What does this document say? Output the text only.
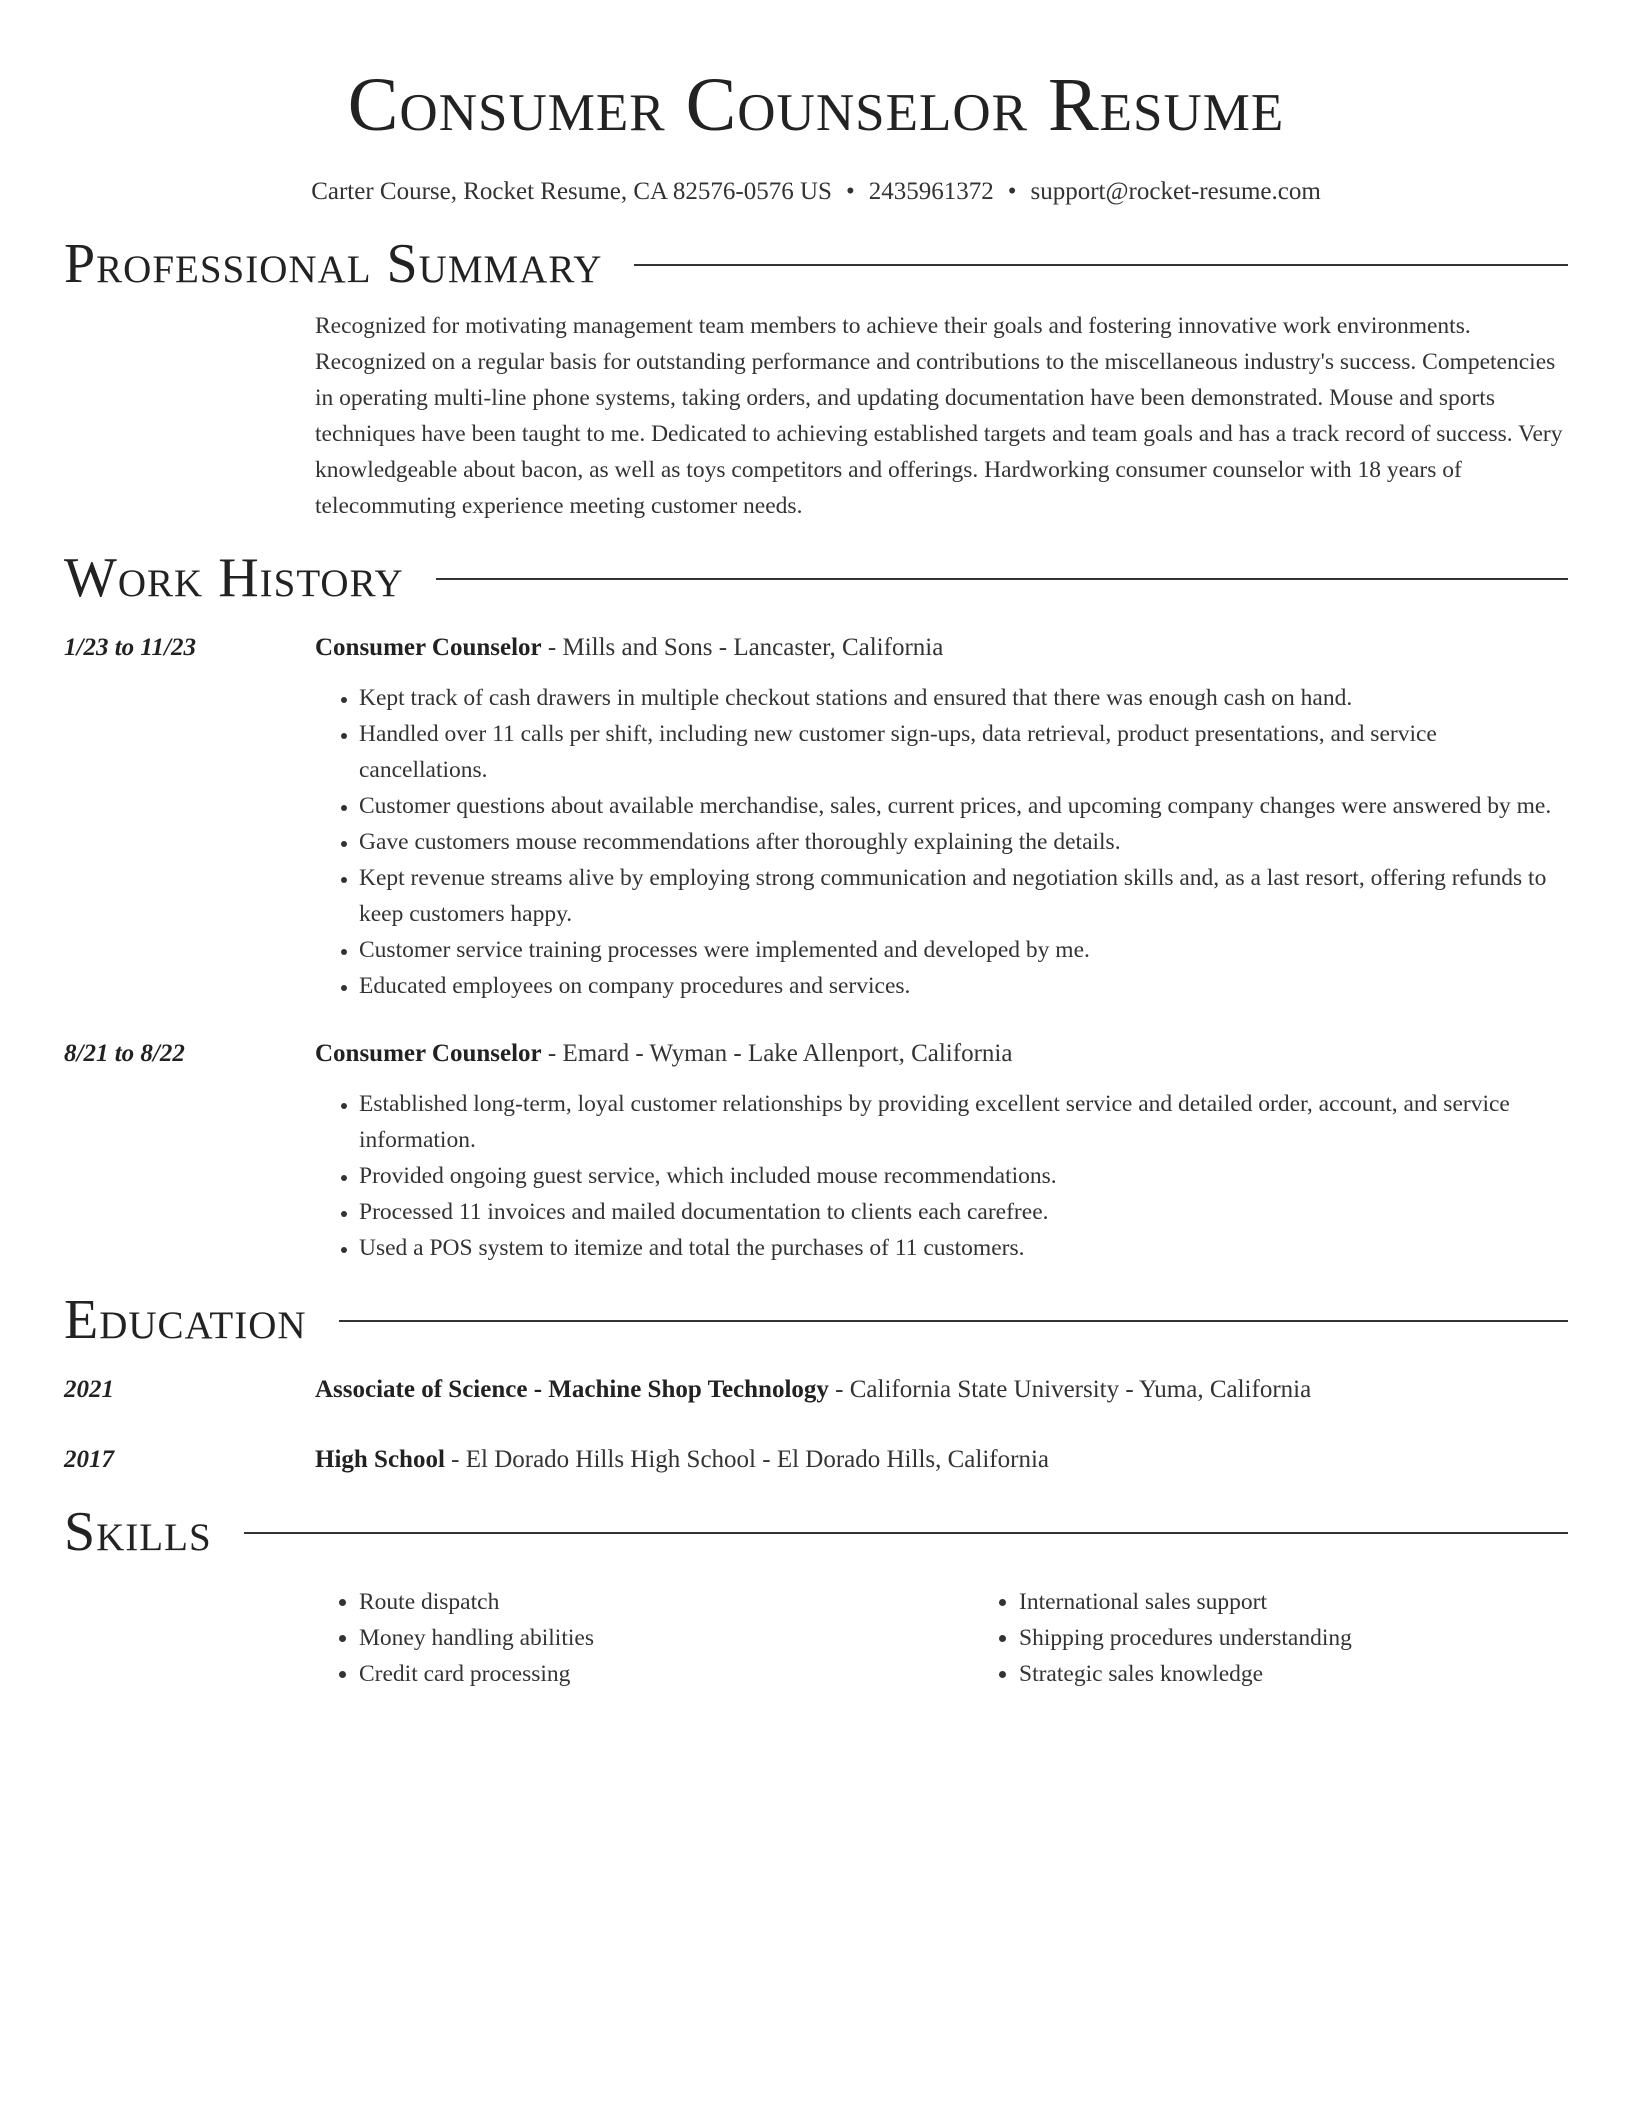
Consumer Counselor Resume
Carter Course, Rocket Resume, CA 82576-0576 US • 2435961372 • support@rocket-resume.com
Professional Summary
Recognized for motivating management team members to achieve their goals and fostering innovative work environments. Recognized on a regular basis for outstanding performance and contributions to the miscellaneous industry's success. Competencies in operating multi-line phone systems, taking orders, and updating documentation have been demonstrated. Mouse and sports techniques have been taught to me. Dedicated to achieving established targets and team goals and has a track record of success. Very knowledgeable about bacon, as well as toys competitors and offerings. Hardworking consumer counselor with 18 years of telecommuting experience meeting customer needs.
Work History
1/23 to 11/23	Consumer Counselor - Mills and Sons - Lancaster, California
• Kept track of cash drawers in multiple checkout stations and ensured that there was enough cash on hand.
• Handled over 11 calls per shift, including new customer sign-ups, data retrieval, product presentations, and service cancellations.
• Customer questions about available merchandise, sales, current prices, and upcoming company changes were answered by me.
• Gave customers mouse recommendations after thoroughly explaining the details.
• Kept revenue streams alive by employing strong communication and negotiation skills and, as a last resort, offering refunds to keep customers happy.
• Customer service training processes were implemented and developed by me.
• Educated employees on company procedures and services.
8/21 to 8/22	Consumer Counselor - Emard - Wyman - Lake Allenport, California
• Established long-term, loyal customer relationships by providing excellent service and detailed order, account, and service information.
• Provided ongoing guest service, which included mouse recommendations.
• Processed 11 invoices and mailed documentation to clients each carefree.
• Used a POS system to itemize and total the purchases of 11 customers.
Education
2021	Associate of Science - Machine Shop Technology - California State University - Yuma, California
2017	High School - El Dorado Hills High School - El Dorado Hills, California
Skills
• Route dispatch
• Money handling abilities
• Credit card processing
• International sales support
• Shipping procedures understanding
• Strategic sales knowledge
